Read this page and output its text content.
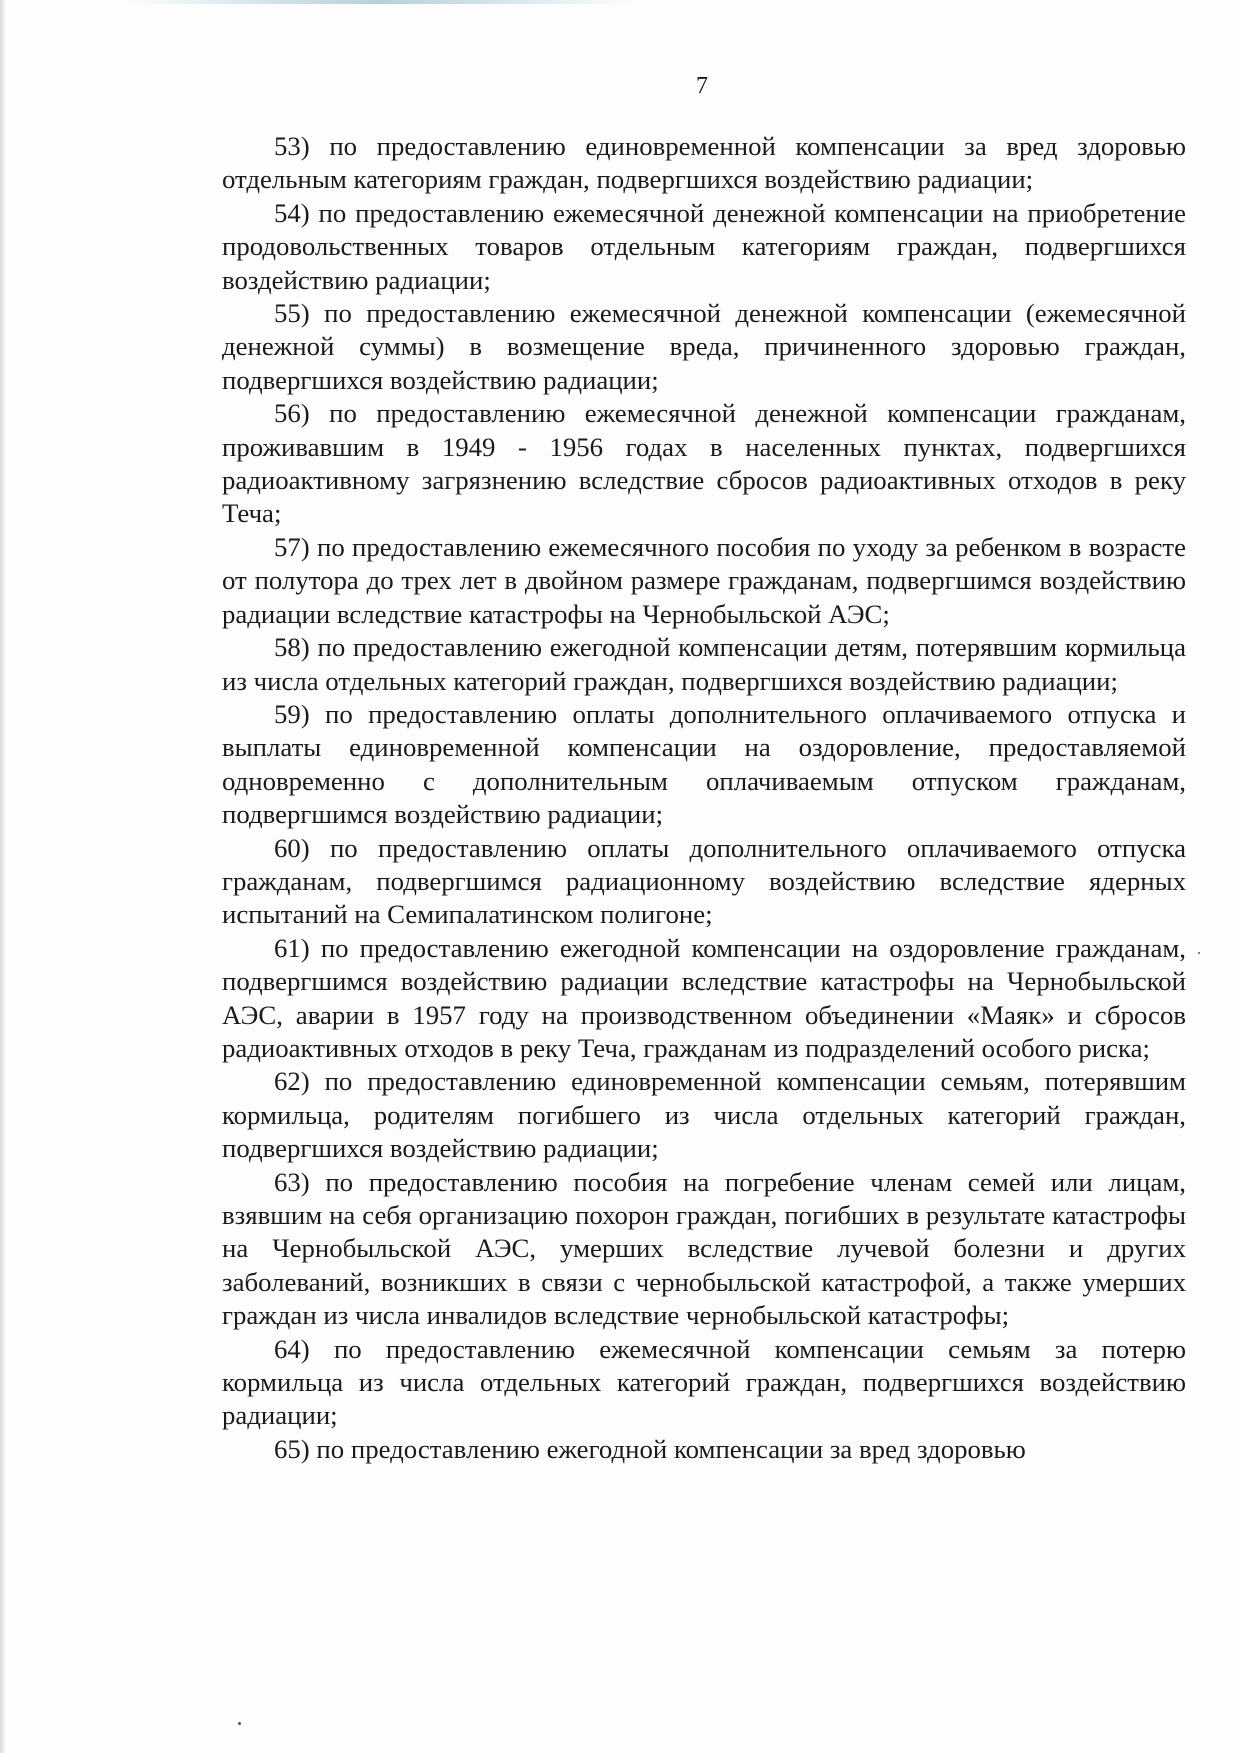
7

53) по предоставлению единовременной компенсации за вред здоровью отдельным категориям граждан, подвергшихся воздействию радиации;

54) по предоставлению ежемесячной денежной компенсации на приобретение продовольственных товаров отдельным категориям граждан, подвергшихся воздействию радиации;

55) по предоставлению ежемесячной денежной компенсации (ежемесячной денежной суммы) в возмещение вреда, причиненного здоровью граждан, подвергшихся воздействию радиации;

56) по предоставлению ежемесячной денежной компенсации гражданам, проживавшим в 1949 - 1956 годах в населенных пунктах, подвергшихся радиоактивному загрязнению вследствие сбросов радиоактивных отходов в реку Теча;

57) по предоставлению ежемесячного пособия по уходу за ребенком в возрасте от полутора до трех лет в двойном размере гражданам, подвергшимся воздействию радиации вследствие катастрофы на Чернобыльской АЭС;

58) по предоставлению ежегодной компенсации детям, потерявшим кормильца из числа отдельных категорий граждан, подвергшихся воздействию радиации;

59) по предоставлению оплаты дополнительного оплачиваемого отпуска и выплаты единовременной компенсации на оздоровление, предоставляемой одновременно с дополнительным оплачиваемым отпуском гражданам, подвергшимся воздействию радиации;

60) по предоставлению оплаты дополнительного оплачиваемого отпуска гражданам, подвергшимся радиационному воздействию вследствие ядерных испытаний на Семипалатинском полигоне;

61) по предоставлению ежегодной компенсации на оздоровление гражданам, подвергшимся воздействию радиации вследствие катастрофы на Чернобыльской АЭС, аварии в 1957 году на производственном объединении «Маяк» и сбросов радиоактивных отходов в реку Теча, гражданам из подразделений особого риска;

62) по предоставлению единовременной компенсации семьям, потерявшим кормильца, родителям погибшего из числа отдельных категорий граждан, подвергшихся воздействию радиации;

63) по предоставлению пособия на погребение членам семей или лицам, взявшим на себя организацию похорон граждан, погибших в результате катастрофы на Чернобыльской АЭС, умерших вследствие лучевой болезни и других заболеваний, возникших в связи с чернобыльской катастрофой, а также умерших граждан из числа инвалидов вследствие чернобыльской катастрофы;

64) по предоставлению ежемесячной компенсации семьям за потерю кормильца из числа отдельных категорий граждан, подвергшихся воздействию радиации;

65) по предоставлению ежегодной компенсации за вред здоровью
